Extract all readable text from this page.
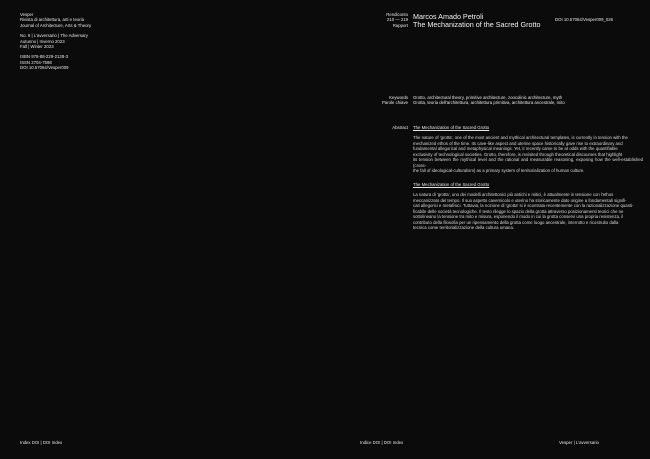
Vesper
Rivista di architettura, arti e teoria
Journal of Architecture, Arts & Theory
No. 9 | L'avversario | The Adversary
Autunno | Inverno 2023
Fall | Winter 2023
ISBN 978-88-229-2128-3
ISSN 2704-7598
DOI 10.57064/Vesper009
Rendiconto
210 — 219
Rapport
Marcos Amado Petroli
The Mechanization of the Sacred Grotto
DOI 10.57064/Vesper009_026
Keywords
Parole chiave
Grotto, architectural theory, primitive architecture, zoocolinic architecture, myth
Grotta, teoria dell'architettura, architettura primitiva, architettura ancestrale, mito
Abstract The Mechanization of the Sacred Grotto
The nature of 'grotta', one of the most ancient and mythical architectural templates, is currently in tension with the
mechanized ethos of the time. Its cave-like aspect and uterine space historically gave rise to extraordinary and
fundamental allegorical and metaphysical meanings. Yet, it recently came to be at odds with the quantifiable
exclusivity of technological societies. Grotto, therefore, is revisited through theoretical discourses that highlight
its tension between the mythical level and the rational and measurable reasoning, exposing how the well-established (cross-
the fall of ideological-culturalism) as a primary system of territorialization of human culture.
The Mechanization of the Sacred Grotto
La natura di 'grotta', uno dei modelli architettonici più antichi e mitici, è attualmente in tensione con l'ethos
meccanizzato del tempo. Il suo aspetto cavernicolo e uterino ha storicamente dato origine a fondamentali signifi-
cati allegorici e metafisici. Tuttavia, la nozione di 'grotta' si è scontrata recentemente con la razionalizzazione quanti-
ficabile delle società tecnologiche. Il testo rilegge lo spazio della grotta attraverso posizionamenti teorici che ne
sottolineano la tensione tra mito e misura, esponendo il modo in cui la grotta conservi una propria resistenza, il
contributo della filosofia per un ripensamento della grotta come luogo ancestrale, interrotto e ricostruito dalla
tecnica come territorializzazione della cultura umana.
Index DOI | DOI Index	Indice DOI | DOI Index	Vesper | L'avversario
